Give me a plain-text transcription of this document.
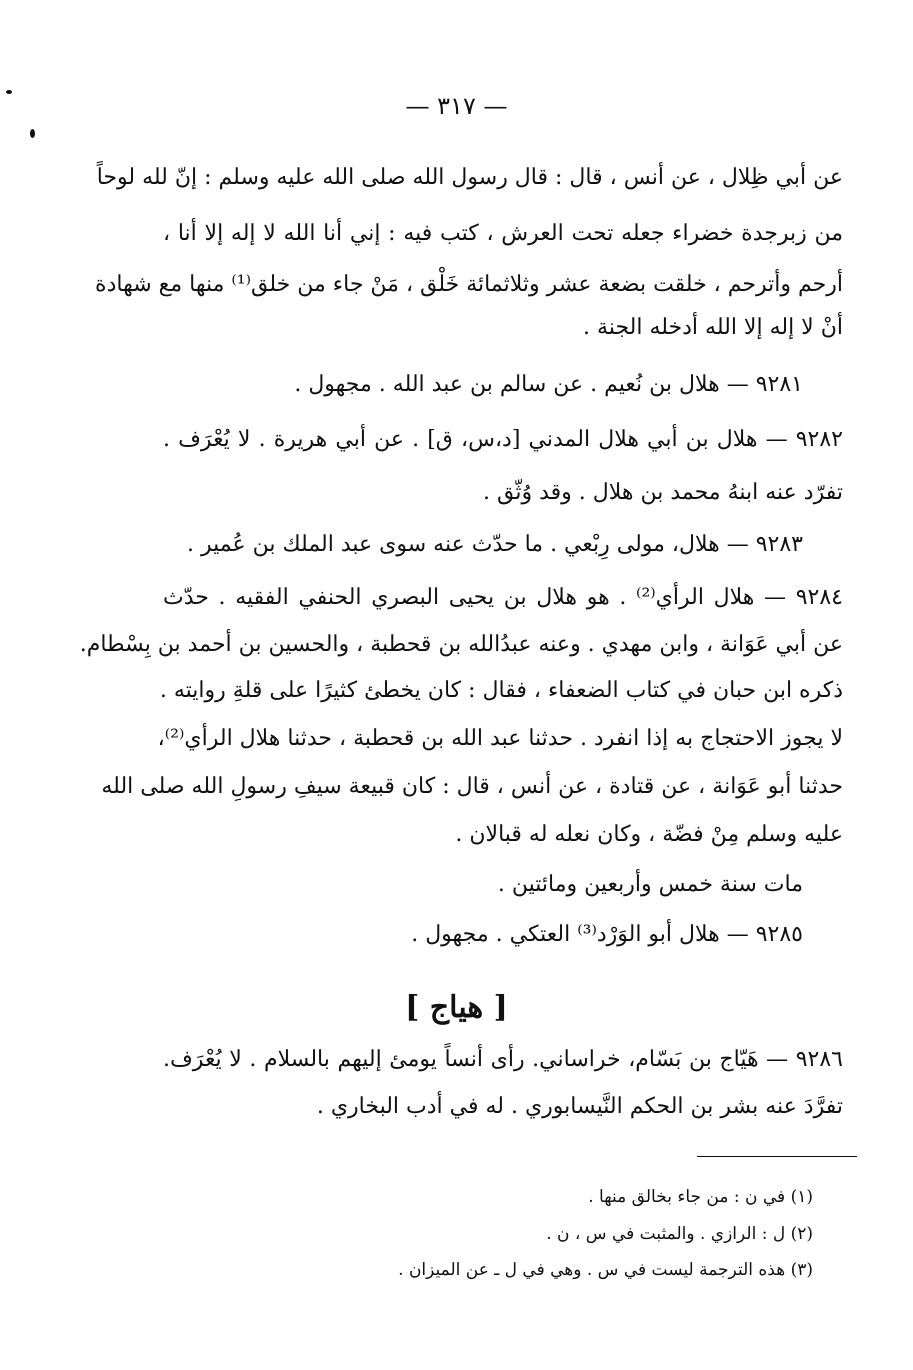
— ٣١٧ —
عن أبي ظِلال ، عن أنس ، قال : قال رسول الله صلى الله عليه وسلم : إنّ لله لوحاً
من زبرجدة خضراء جعله تحت العرش ، كتب فيه : إني أنا الله لا إله إلا أنا ،
أرحم وأترحم ، خلقت بضعة عشر وثلاثمائة خَلْق ، مَنْ جاء من خلق⁽¹⁾ منها مع شهادة
أنْ لا إله إلا الله أدخله الجنة .
٩٢٨١ — هلال بن نُعيم . عن سالم بن عبد الله . مجهول .
٩٢٨٢ — هلال بن أبي هلال المدني [د،س، ق] . عن أبي هريرة . لا يُعْرَف .
تفرّد عنه ابنهُ محمد بن هلال . وقد وُثّق .
٩٢٨٣ — هلال، مولى رِبْعي . ما حدّث عنه سوى عبد الملك بن عُمير .
٩٢٨٤ — هلال الرأي⁽²⁾ . هو هلال بن يحيى البصري الحنفي الفقيه . حدّث
عن أبي عَوَانة ، وابن مهدي . وعنه عبدُالله بن قحطبة ، والحسين بن أحمد بن بِسْطام.
ذكره ابن حبان في كتاب الضعفاء ، فقال : كان يخطئ كثيرًا على قلةِ روايته .
لا يجوز الاحتجاج به إذا انفرد . حدثنا عبد الله بن قحطبة ، حدثنا هلال الرأي⁽²⁾،
حدثنا أبو عَوَانة ، عن قتادة ، عن أنس ، قال : كان قبيعة سيفِ رسولِ الله صلى الله
عليه وسلم مِنْ فضّة ، وكان نعله له قبالان .
مات سنة خمس وأربعين ومائتين .
٩٢٨٥ — هلال أبو الوَرْد⁽³⁾ العتكي . مجهول .
[ هياج ]
٩٢٨٦ — هَيّاج بن بَسّام، خراساني. رأى أنساً يومئ إليهم بالسلام . لا يُعْرَف.
تفرَّدَ عنه بشر بن الحكم النَّيسابوري . له في أدب البخاري .
(١) في ن : من جاء بخالق منها .
(٢) ل : الرازي . والمثبت في س ، ن .
(٣) هذه الترجمة ليست في س . وهي في ل ـ عن الميزان .
